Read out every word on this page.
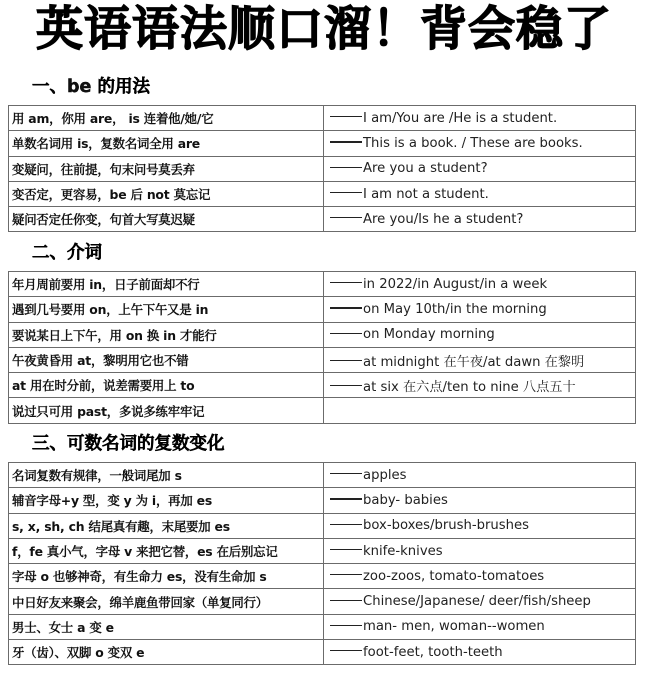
英语语法顺口溜！背会稳了
一、be 的用法
用 am，你用 are， is 连着他/她/它	I am/You are /He is a student.
单数名词用 is，复数名词全用 are	This is a book. / These are books.
变疑问，往前提，句末问号莫丢弃	Are you a student?
变否定，更容易，be 后 not 莫忘记	I am not a student.
疑问否定任你变，句首大写莫迟疑	Are you/Is he a student?
二、介词
年月周前要用 in，日子前面却不行	in 2022/in August/in a week
遇到几号要用 on，上午下午又是 in	on May 10th/in the morning
要说某日上下午，用 on 换 in 才能行	on Monday morning
午夜黄昏用 at，黎明用它也不错	at midnight 在午夜/at dawn 在黎明
at 用在时分前，说差需要用上 to	at six 在六点/ten to nine 八点五十
说过只可用 past，多说多练牢牢记	
三、可数名词的复数变化
名词复数有规律，一般词尾加 s	apples
辅音字母+y 型，变 y 为 i，再加 es	baby- babies
s, x, sh, ch 结尾真有趣，末尾要加 es	box-boxes/brush-brushes
f，fe 真小气，字母 v 来把它替，es 在后别忘记	knife-knives
字母 o 也够神奇，有生命力 es，没有生命加 s	zoo-zoos, tomato-tomatoes
中日好友来聚会，绵羊鹿鱼带回家（单复同行）	Chinese/Japanese/ deer/fish/sheep
男士、女士 a 变 e	man- men, woman--women
牙（齿）、双脚 o 变双 e	foot-feet, tooth-teeth
